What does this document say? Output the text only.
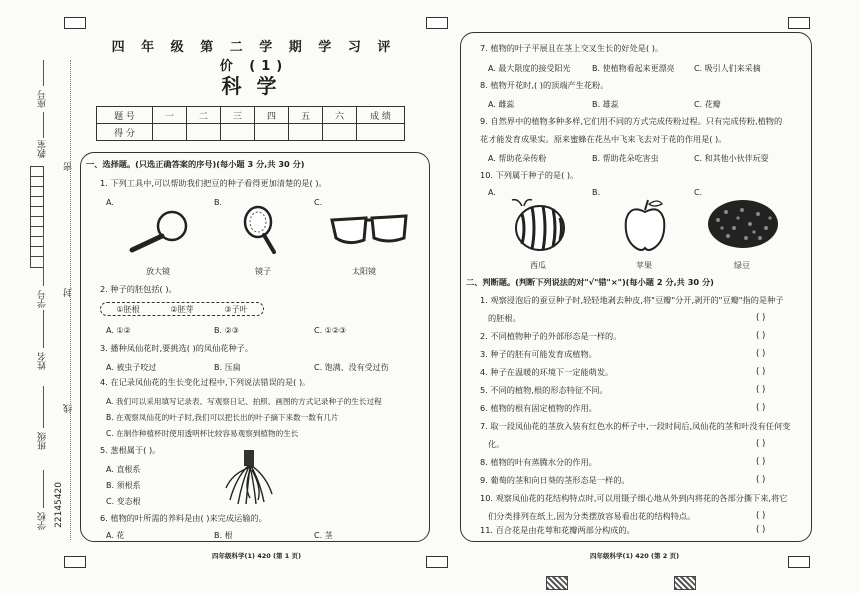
座号
教室
密
学号 封
姓名
线
班级
22145420
学校
四 年 级 第 二 学 期 学 习 评 价 (1)
科 学
题 号	一	二	三	四	五	六	成 绩
得 分							
一、选择题。(只选正确答案的序号)(每小题 3 分,共 30 分)
1. 下列工具中,可以帮助我们把豆的种子看得更加清楚的是( )。
A.	B.	C.
放大镜	镜子	太阳镜
2. 种子的胚包括( )。
①胚根	②胚芽	③子叶
A. ①②	B. ②③	C. ①②③
3. 播种凤仙花时,要挑选( )的凤仙花种子。
A. 被虫子咬过	B. 压扁	C. 饱满、没有受过伤
4. 在记录凤仙花的生长变化过程中,下列说法错误的是( )。
A. 我们可以采用填写记录表、写观察日记、拍照、画图的方式记录种子的生长过程
B. 在观察凤仙花的叶子时,我们可以把长出的叶子摘下来数一数有几片
C. 在制作种植杯时使用透明杯比较容易观察到植物的生长
5. 葱根属于( )。
A. 直根系
B. 须根系
C. 变态根
6. 植物的叶所需的养料是由( )来完成运输的。
A. 花	B. 根	C. 茎
四年级科学(1) 420 (第 1 页)
7. 植物的叶子平展且在茎上交叉生长的好处是( )。
A. 最大限度的接受阳光	B. 使植物看起来更漂亮 C. 吸引人们来采摘
8. 植物开花时,( )的顶端产生花粉。
A. 雌蕊	B. 雄蕊	C. 花瓣
9. 自然界中的植物多种多样,它们用不同的方式完成传粉过程。只有完成传粉,植物的
花才能发育成果实。原来蜜蜂在花丛中飞来飞去对于花的作用是( )。
A. 帮助花朵传粉	B. 帮助花朵吃害虫	C. 和其他小伙伴玩耍
10. 下列属于种子的是( )。
A.	B.	C.
西瓜	苹果	绿豆
二、判断题。(判断下列说法的对"√"错"×")(每小题 2 分,共 30 分)
1. 观察浸泡后的蚕豆种子时,轻轻地剥去种皮,将"豆瓣"分开,剥开的"豆瓣"指的是种子
的胚根。	( )
2. 不同植物种子的外部形态是一样的。	( )
3. 种子的胚有可能发育成植物。	( )
4. 种子在温暖的环境下一定能萌发。	( )
5. 不同的植物,根的形态特征不同。	( )
6. 植物的根有固定植物的作用。	( )
7. 取一段凤仙花的茎放入装有红色水的杯子中,一段时间后,凤仙花的茎和叶没有任何变
化。	( )
8. 植物的叶有蒸腾水分的作用。	( )
9. 葡萄的茎和向日葵的茎形态是一样的。	( )
10. 观察凤仙花的花结构特点时,可以用镊子细心地从外到内将花的各部分撕下来,将它
们分类排列在纸上,因为分类摆放容易看出花的结构特点。	( )
11. 百合花是由花萼和花瓣两部分构成的。	( )
四年级科学(1) 420 (第 2 页)
